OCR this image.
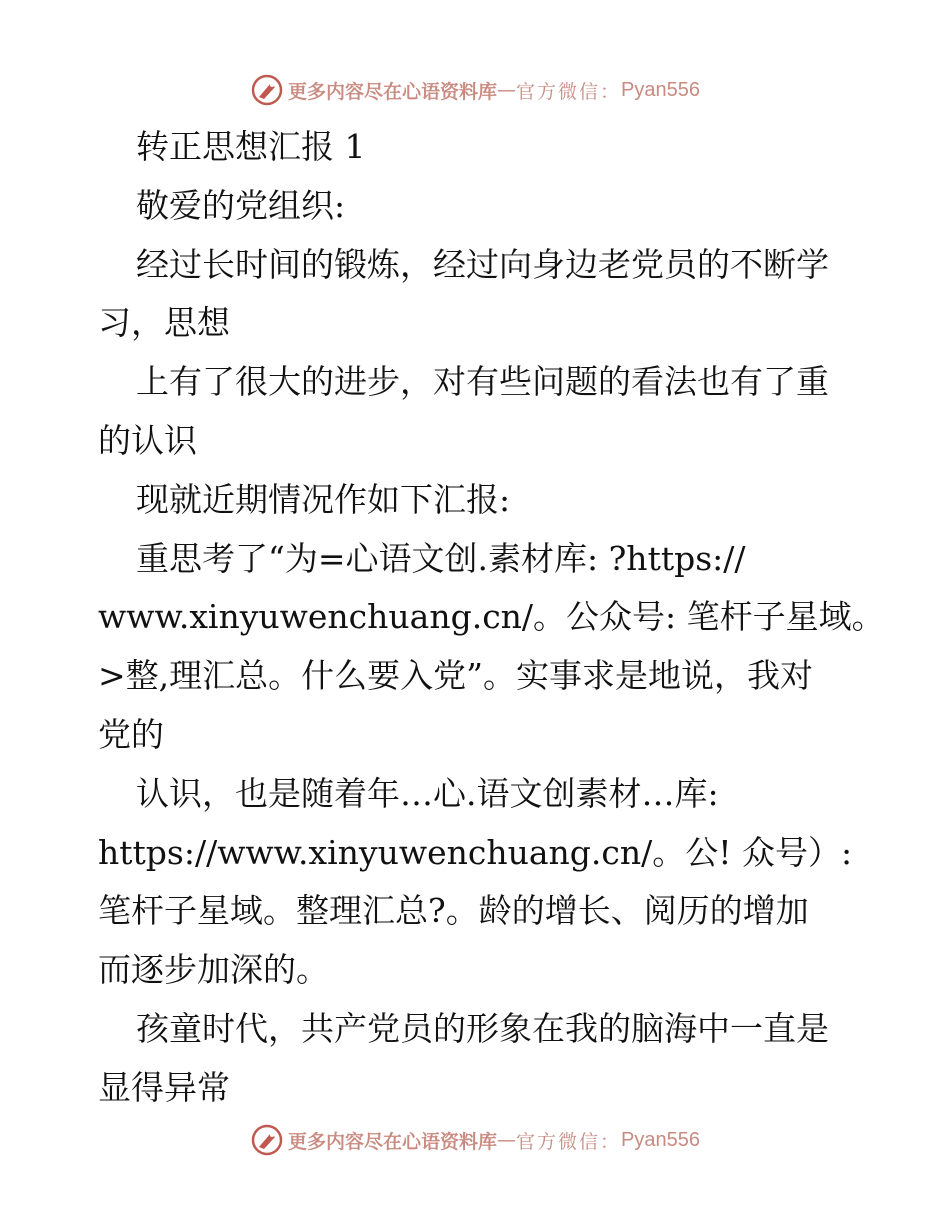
更多内容尽在心语资料库 — 官方微信： Pyan556
转正思想汇报 1
敬爱的党组织:
经过长时间的锻炼，经过向身边老党员的不断学
习，思想
上有了很大的进步，对有些问题的看法也有了重
的认识
现就近期情况作如下汇报:
重思考了“为=心语文创.素材库: ?https://
www.xinyuwenchuang.cn/。公众号: 笔杆子星域。
>整,理汇总。什么要入党”。实事求是地说，我对
党的
认识，也是随着年…心.语文创素材…库:
https://www.xinyuwenchuang.cn/。公! 众号）:
笔杆子星域。整理汇总?。龄的增长、阅历的增加
而逐步加深的。
孩童时代，共产党员的形象在我的脑海中一直是
显得异常
更多内容尽在心语资料库 — 官方微信： Pyan556
